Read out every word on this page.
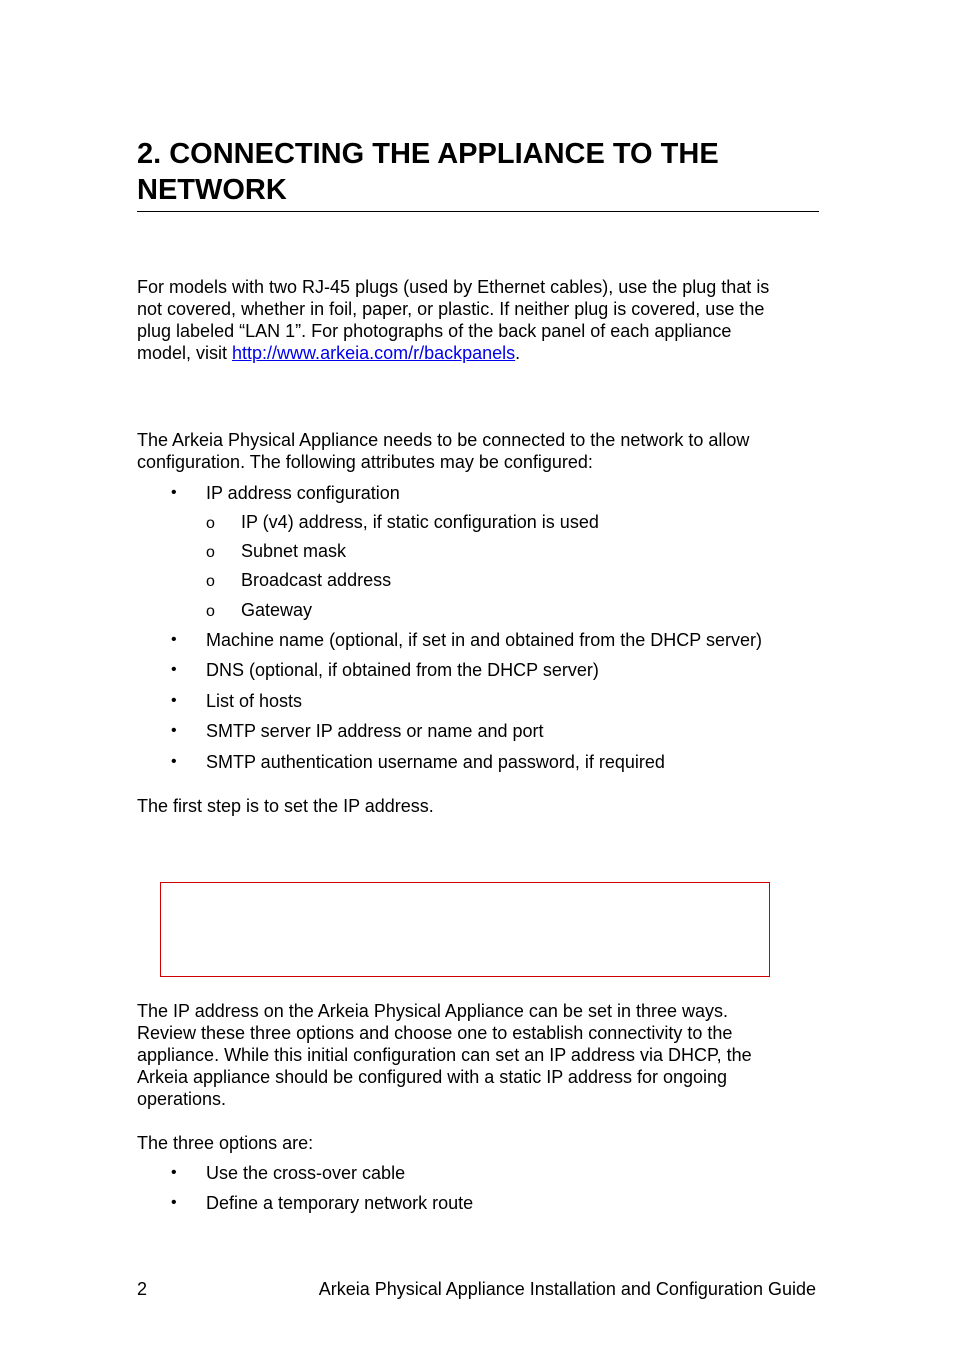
2. CONNECTING THE APPLIANCE TO THE NETWORK

For models with two RJ-45 plugs (used by Ethernet cables), use the plug that is
not covered, whether in foil, paper, or plastic. If neither plug is covered, use the
plug labeled “LAN 1”. For photographs of the back panel of each appliance
model, visit http://www.arkeia.com/r/backpanels.

The Arkeia Physical Appliance needs to be connected to the network to allow
configuration. The following attributes may be configured:

• IP address configuration
o IP (v4) address, if static configuration is used
o Subnet mask
o Broadcast address
o Gateway
• Machine name (optional, if set in and obtained from the DHCP server)
• DNS (optional, if obtained from the DHCP server)
• List of hosts
• SMTP server IP address or name and port
• SMTP authentication username and password, if required

The first step is to set the IP address.

The IP address on the Arkeia Physical Appliance can be set in three ways.
Review these three options and choose one to establish connectivity to the
appliance. While this initial configuration can set an IP address via DHCP, the
Arkeia appliance should be configured with a static IP address for ongoing
operations.

The three options are:

• Use the cross-over cable
• Define a temporary network route
2	Arkeia Physical Appliance Installation and Configuration Guide
